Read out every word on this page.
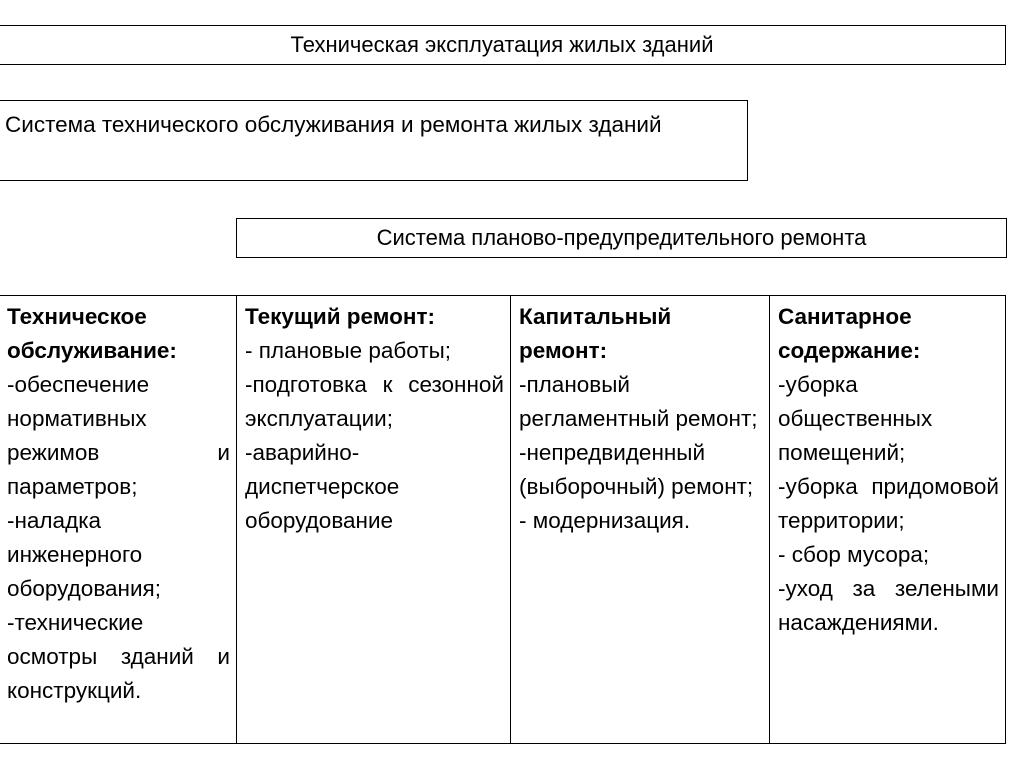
Техническая эксплуатация жилых зданий
Система технического обслуживания и ремонта жилых зданий
Система планово-предупредительного ремонта
Техническое обслуживание:
-обеспечение нормативных режимов и параметров;
-наладка инженерного оборудования;
-технические осмотры зданий и конструкций.
Текущий ремонт:
- плановые работы;
-подготовка к сезонной эксплуатации;
-аварийно-диспетчерское оборудование
Капитальный ремонт:
-плановый регламентный ремонт;
-непредвиденный (выборочный) ремонт;
- модернизация.
Санитарное содержание:
-уборка общественных помещений;
-уборка придомовой территории;
- сбор мусора;
-уход за зелеными насаждениями.
